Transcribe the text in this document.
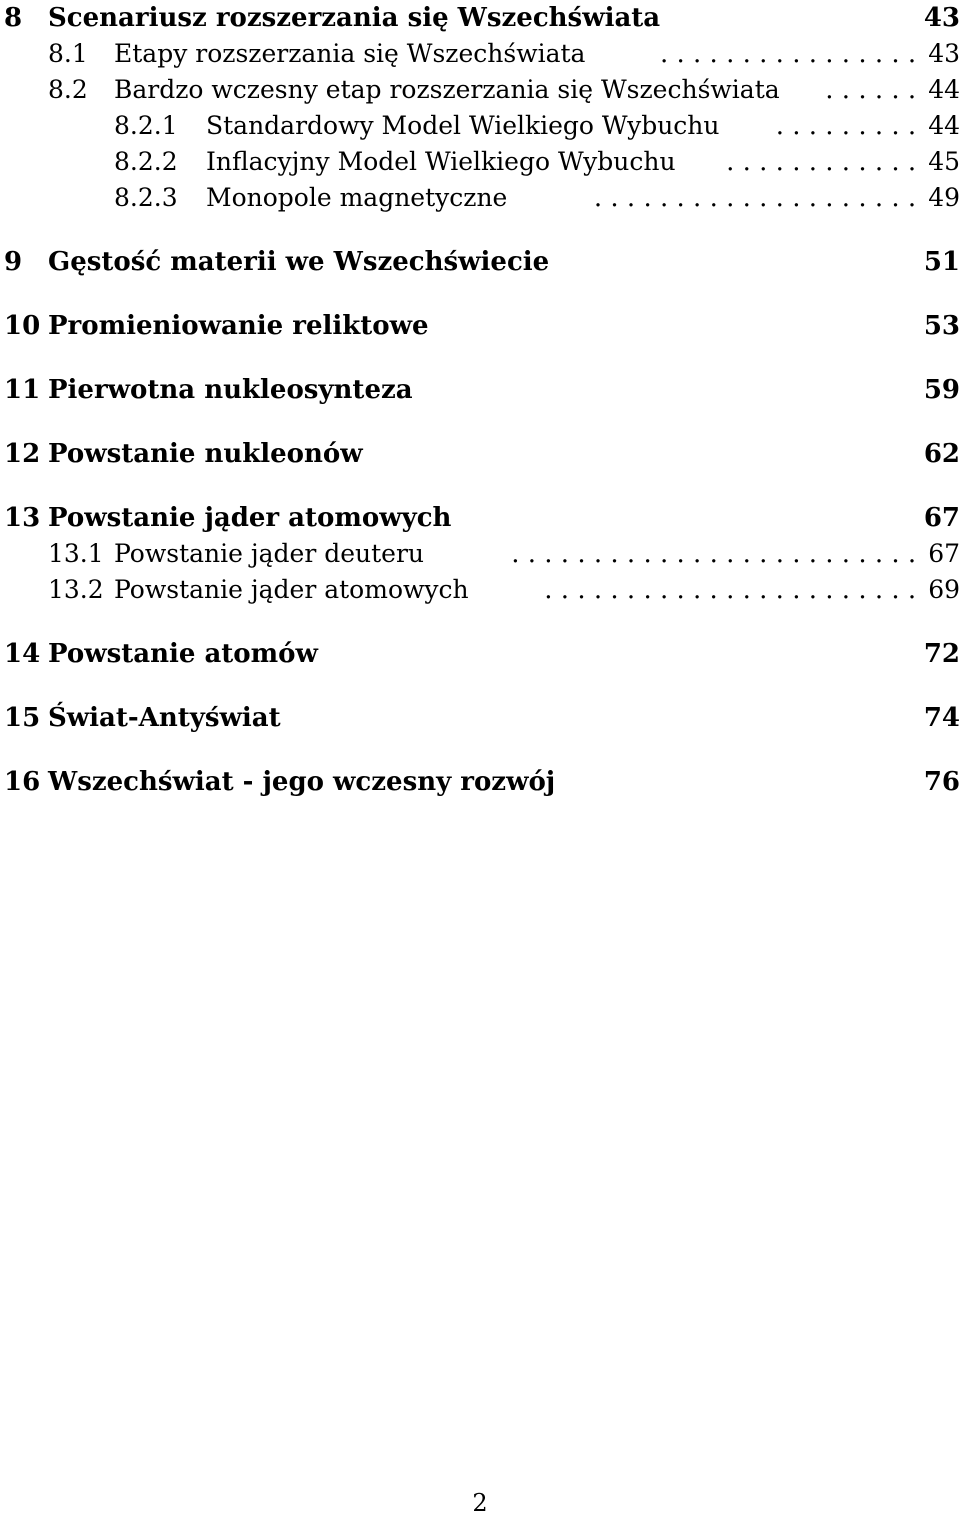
8 Scenariusz rozszerzania się Wszechświata	43
8.1 Etapy rozszerzania się Wszechświata	. . . . . . . . . . . . . . . . 43
8.2 Bardzo wczesny etap rozszerzania się Wszechświata	. . . . . . 44
8.2.1 Standardowy Model Wielkiego Wybuchu	. . . . . . . . . 44
8.2.2 Inflacyjny Model Wielkiego Wybuchu	. . . . . . . . . . . . 45
8.2.3 Monopole magnetyczne	. . . . . . . . . . . . . . . . . . . . 49
9 Gęstość materii we Wszechświecie	51
10 Promieniowanie reliktowe	53
11 Pierwotna nukleosynteza	59
12 Powstanie nukleonów	62
13 Powstanie jąder atomowych	67
13.1 Powstanie jąder deuteru	. . . . . . . . . . . . . . . . . . . . . . . . . 67
13.2 Powstanie jąder atomowych	. . . . . . . . . . . . . . . . . . . . . . . 69
14 Powstanie atomów	72
15 Świat-Antyświat	74
16 Wszechświat - jego wczesny rozwój	76
2
